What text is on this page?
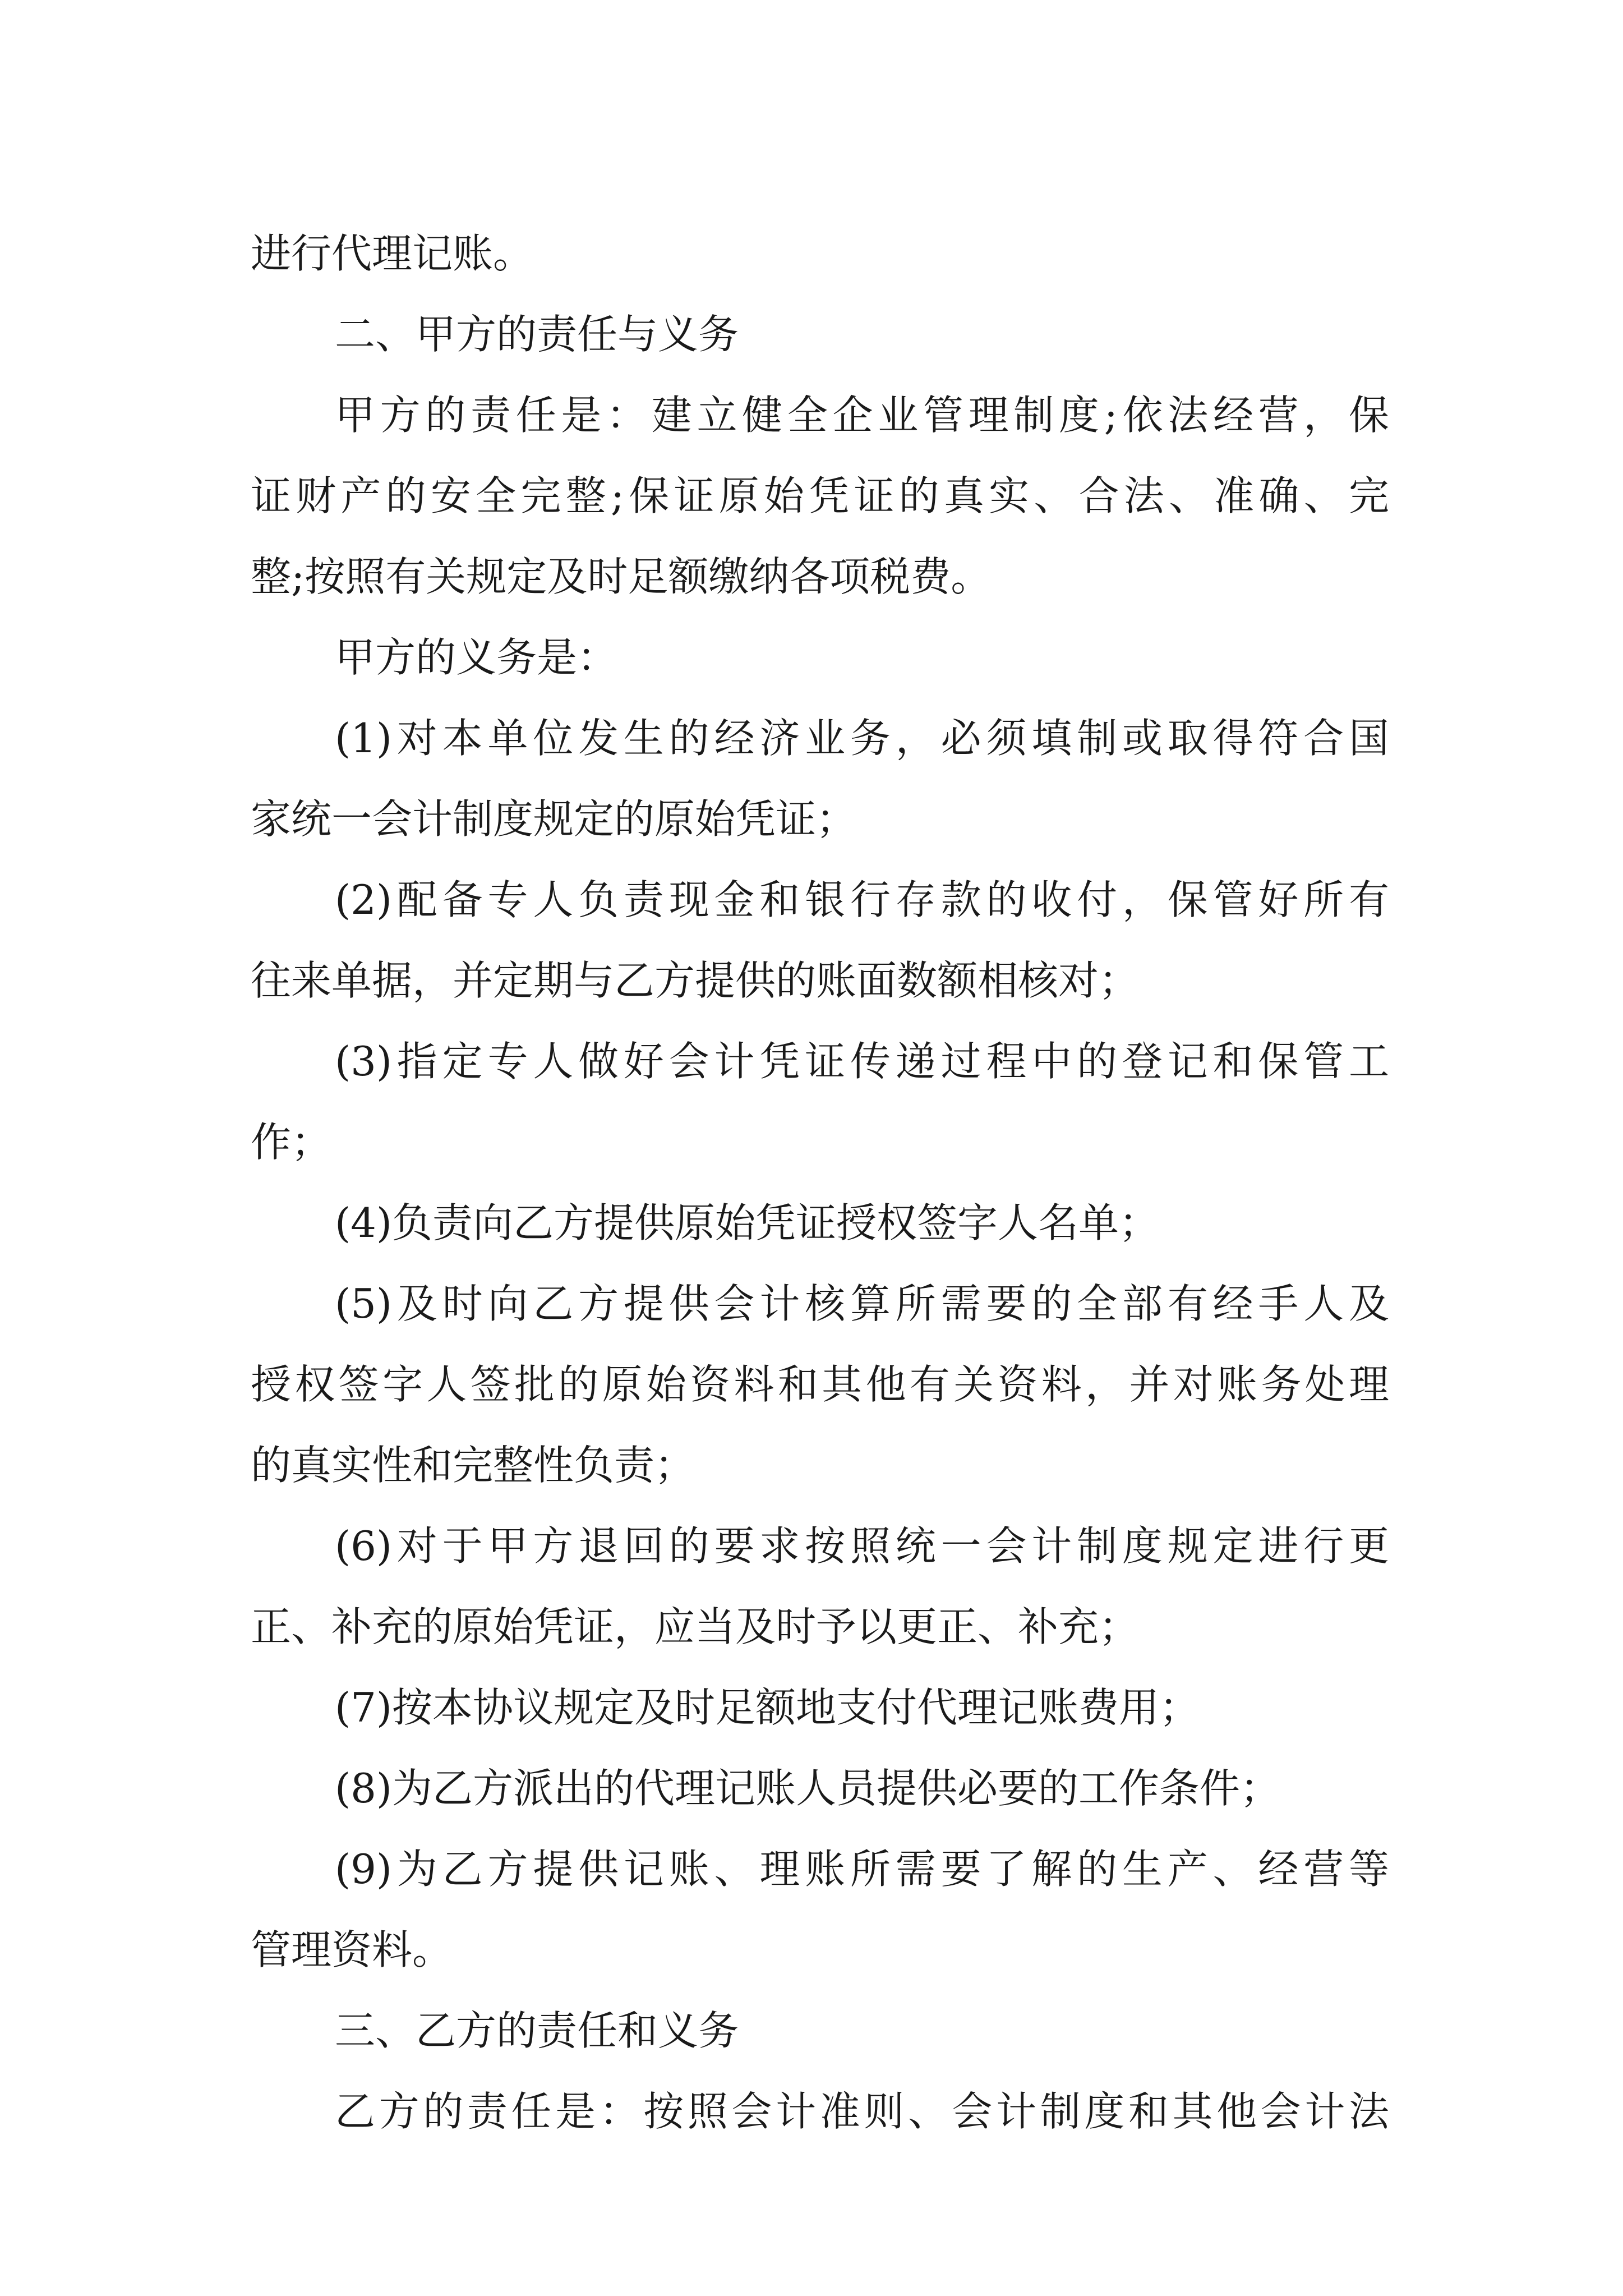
进行代理记账。
二、甲方的责任与义务
甲方的责任是：建立健全企业管理制度;依法经营，保
证财产的安全完整;保证原始凭证的真实、合法、准确、完
整;按照有关规定及时足额缴纳各项税费。
甲方的义务是：
(1)对本单位发生的经济业务，必须填制或取得符合国
家统一会计制度规定的原始凭证；
(2)配备专人负责现金和银行存款的收付，保管好所有
往来单据，并定期与乙方提供的账面数额相核对；
(3)指定专人做好会计凭证传递过程中的登记和保管工
作；
(4)负责向乙方提供原始凭证授权签字人名单；
(5)及时向乙方提供会计核算所需要的全部有经手人及
授权签字人签批的原始资料和其他有关资料，并对账务处理
的真实性和完整性负责；
(6)对于甲方退回的要求按照统一会计制度规定进行更
正、补充的原始凭证，应当及时予以更正、补充；
(7)按本协议规定及时足额地支付代理记账费用；
(8)为乙方派出的代理记账人员提供必要的工作条件；
(9)为乙方提供记账、理账所需要了解的生产、经营等
管理资料。
三、乙方的责任和义务
乙方的责任是：按照会计准则、会计制度和其他会计法
